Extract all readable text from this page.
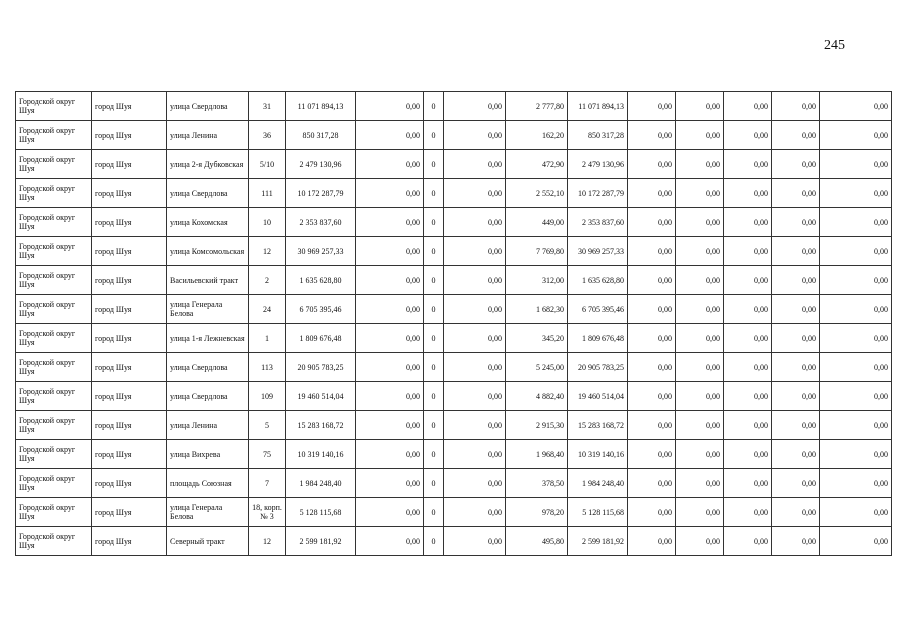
245
Городской округ Шуя	город Шуя	улица Свердлова	31	11 071 894,13	0,00	0	0,00	2 777,80	11 071 894,13	0,00	0,00	0,00	0,00	0,00
Городской округ Шуя	город Шуя	улица Ленина	36	850 317,28	0,00	0	0,00	162,20	850 317,28	0,00	0,00	0,00	0,00	0,00
Городской округ Шуя	город Шуя	улица 2-я Дубковская	5/10	2 479 130,96	0,00	0	0,00	472,90	2 479 130,96	0,00	0,00	0,00	0,00	0,00
Городской округ Шуя	город Шуя	улица Свердлова	111	10 172 287,79	0,00	0	0,00	2 552,10	10 172 287,79	0,00	0,00	0,00	0,00	0,00
Городской округ Шуя	город Шуя	улица Кохомская	10	2 353 837,60	0,00	0	0,00	449,00	2 353 837,60	0,00	0,00	0,00	0,00	0,00
Городской округ Шуя	город Шуя	улица Комсомольская	12	30 969 257,33	0,00	0	0,00	7 769,80	30 969 257,33	0,00	0,00	0,00	0,00	0,00
Городской округ Шуя	город Шуя	Васильевский тракт	2	1 635 628,80	0,00	0	0,00	312,00	1 635 628,80	0,00	0,00	0,00	0,00	0,00
Городской округ Шуя	город Шуя	улица Генерала Белова	24	6 705 395,46	0,00	0	0,00	1 682,30	6 705 395,46	0,00	0,00	0,00	0,00	0,00
Городской округ Шуя	город Шуя	улица 1-я Лежневская	1	1 809 676,48	0,00	0	0,00	345,20	1 809 676,48	0,00	0,00	0,00	0,00	0,00
Городской округ Шуя	город Шуя	улица Свердлова	113	20 905 783,25	0,00	0	0,00	5 245,00	20 905 783,25	0,00	0,00	0,00	0,00	0,00
Городской округ Шуя	город Шуя	улица Свердлова	109	19 460 514,04	0,00	0	0,00	4 882,40	19 460 514,04	0,00	0,00	0,00	0,00	0,00
Городской округ Шуя	город Шуя	улица Ленина	5	15 283 168,72	0,00	0	0,00	2 915,30	15 283 168,72	0,00	0,00	0,00	0,00	0,00
Городской округ Шуя	город Шуя	улица Вихрева	75	10 319 140,16	0,00	0	0,00	1 968,40	10 319 140,16	0,00	0,00	0,00	0,00	0,00
Городской округ Шуя	город Шуя	площадь Союзная	7	1 984 248,40	0,00	0	0,00	378,50	1 984 248,40	0,00	0,00	0,00	0,00	0,00
Городской округ Шуя	город Шуя	улица Генерала Белова	18, корп. № 3	5 128 115,68	0,00	0	0,00	978,20	5 128 115,68	0,00	0,00	0,00	0,00	0,00
Городской округ Шуя	город Шуя	Северный тракт	12	2 599 181,92	0,00	0	0,00	495,80	2 599 181,92	0,00	0,00	0,00	0,00	0,00
